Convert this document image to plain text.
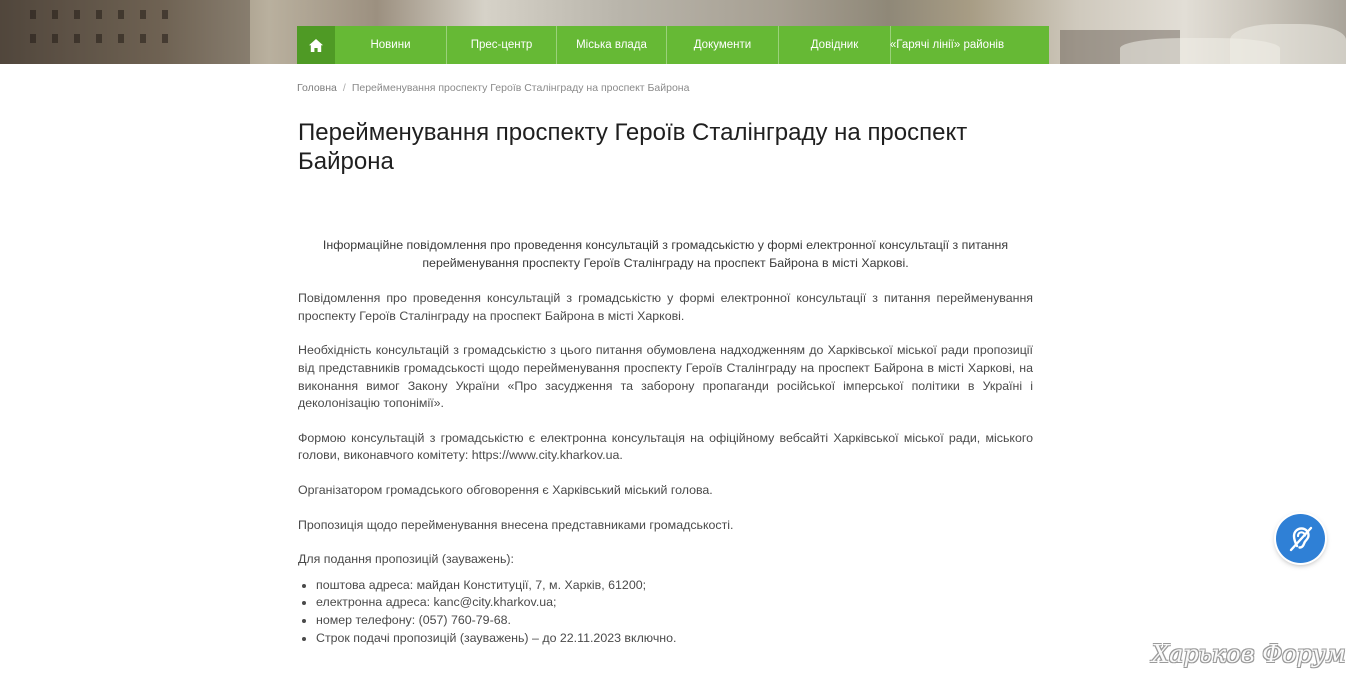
Новини	Прес-центр	Міська влада	Документи	Довідник	«Гарячі лінії» районів
Головна / Перейменування проспекту Героїв Сталінграду на проспект Байрона
Перейменування проспекту Героїв Сталінграду на проспект Байрона

Інформаційне повідомлення про проведення консультацій з громадськістю у формі електронної консультації з питання перейменування проспекту Героїв Сталінграду на проспект Байрона в місті Харкові.

Повідомлення про проведення консультацій з громадськістю у формі електронної консультації з питання перейменування проспекту Героїв Сталінграду на проспект Байрона в місті Харкові.

Необхідність консультацій з громадськістю з цього питання обумовлена надходженням до Харківської міської ради пропозиції від представників громадськості щодо перейменування проспекту Героїв Сталінграду на проспект Байрона в місті Харкові, на виконання вимог Закону України «Про засудження та заборону пропаганди російської імперської політики в Україні і деколонізацію топонімії».

Формою консультацій з громадськістю є електронна консультація на офіційному вебсайті Харківської міської ради, міського голови, виконавчого комітету: https://www.city.kharkov.ua.

Організатором громадського обговорення є Харківський міський голова.

Пропозиція щодо перейменування внесена представниками громадськості.

Для подання пропозицій (зауважень):

• поштова адреса: майдан Конституції, 7, м. Харків, 61200;
• електронна адреса: kanc@city.kharkov.ua;
• номер телефону: (057) 760-79-68.
• Строк подачі пропозицій (зауважень) – до 22.11.2023 включно.
Харьков Форум
